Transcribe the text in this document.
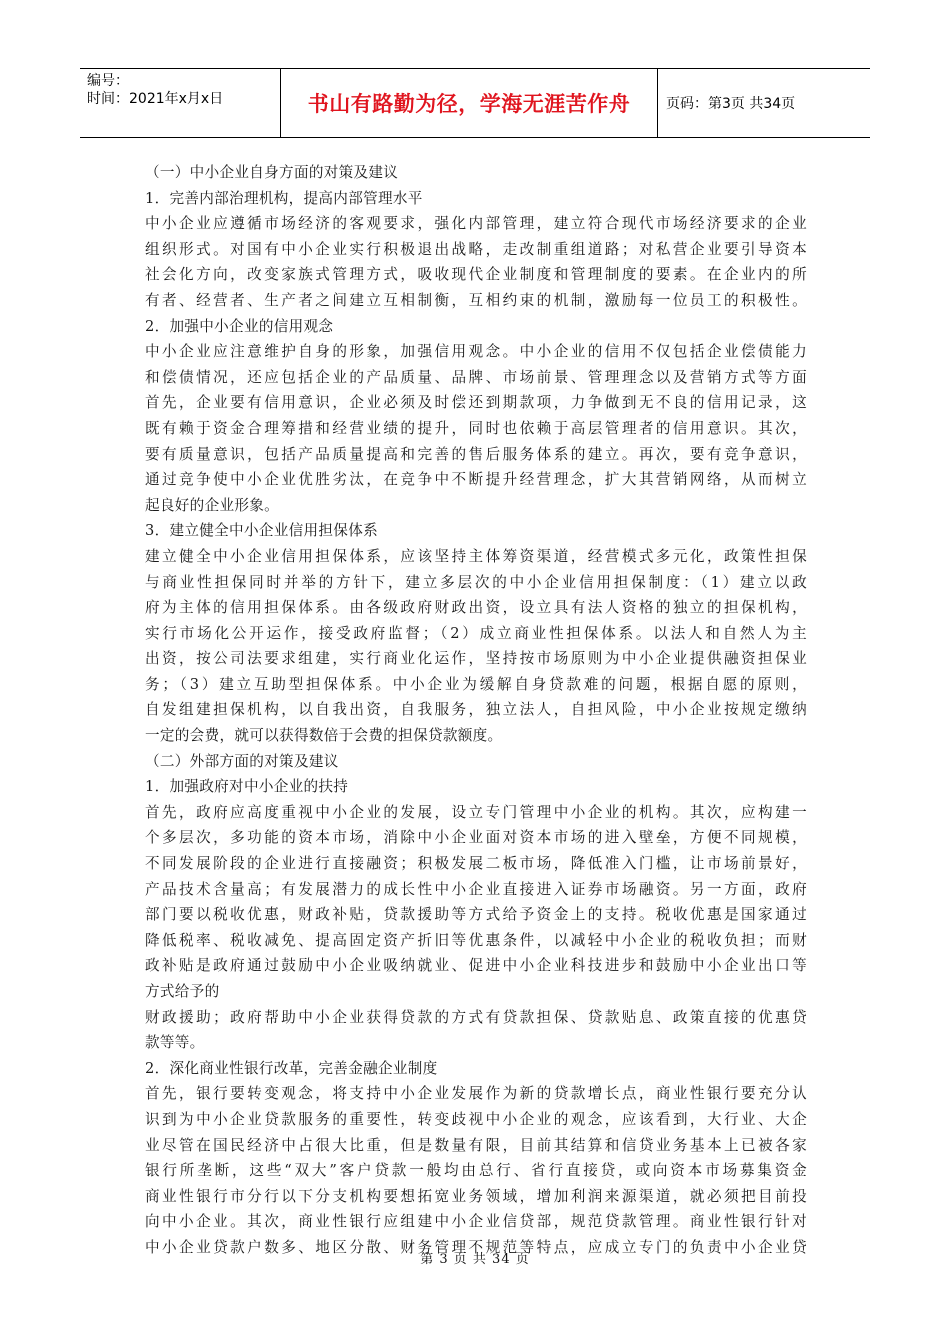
编号：
时间：2021年x月x日	书山有路勤为径，学海无涯苦作舟	页码：第3页 共34页
（一）中小企业自身方面的对策及建议
1．完善内部治理机构，提高内部管理水平
中小企业应遵循市场经济的客观要求，强化内部管理，建立符合现代市场经济要求的企业
组织形式。对国有中小企业实行积极退出战略，走改制重组道路；对私营企业要引导资本
社会化方向，改变家族式管理方式，吸收现代企业制度和管理制度的要素。在企业内的所
有者、经营者、生产者之间建立互相制衡，互相约束的机制，激励每一位员工的积极性。
2．加强中小企业的信用观念
中小企业应注意维护自身的形象，加强信用观念。中小企业的信用不仅包括企业偿债能力
和偿债情况，还应包括企业的产品质量、品牌、市场前景、管理理念以及营销方式等方面
首先，企业要有信用意识，企业必须及时偿还到期款项，力争做到无不良的信用记录，这
既有赖于资金合理筹措和经营业绩的提升，同时也依赖于高层管理者的信用意识。其次，
要有质量意识，包括产品质量提高和完善的售后服务体系的建立。再次，要有竞争意识，
通过竞争使中小企业优胜劣汰，在竞争中不断提升经营理念，扩大其营销网络，从而树立
起良好的企业形象。
3．建立健全中小企业信用担保体系
建立健全中小企业信用担保体系，应该坚持主体筹资渠道，经营模式多元化，政策性担保
与商业性担保同时并举的方针下，建立多层次的中小企业信用担保制度：（1）建立以政
府为主体的信用担保体系。由各级政府财政出资，设立具有法人资格的独立的担保机构，
实行市场化公开运作，接受政府监督；（2）成立商业性担保体系。以法人和自然人为主
出资，按公司法要求组建，实行商业化运作，坚持按市场原则为中小企业提供融资担保业
务；（3）建立互助型担保体系。中小企业为缓解自身贷款难的问题，根据自愿的原则，
自发组建担保机构，以自我出资，自我服务，独立法人，自担风险，中小企业按规定缴纳
一定的会费，就可以获得数倍于会费的担保贷款额度。
（二）外部方面的对策及建议
1．加强政府对中小企业的扶持
首先，政府应高度重视中小企业的发展，设立专门管理中小企业的机构。其次，应构建一
个多层次，多功能的资本市场，消除中小企业面对资本市场的进入壁垒，方便不同规模，
不同发展阶段的企业进行直接融资；积极发展二板市场，降低准入门槛，让市场前景好，
产品技术含量高；有发展潜力的成长性中小企业直接进入证券市场融资。另一方面，政府
部门要以税收优惠，财政补贴，贷款援助等方式给予资金上的支持。税收优惠是国家通过
降低税率、税收减免、提高固定资产折旧等优惠条件，以减轻中小企业的税收负担；而财
政补贴是政府通过鼓励中小企业吸纳就业、促进中小企业科技进步和鼓励中小企业出口等
方式给予的
财政援助；政府帮助中小企业获得贷款的方式有贷款担保、贷款贴息、政策直接的优惠贷
款等等。
2．深化商业性银行改革，完善金融企业制度
首先，银行要转变观念，将支持中小企业发展作为新的贷款增长点，商业性银行要充分认
识到为中小企业贷款服务的重要性，转变歧视中小企业的观念，应该看到，大行业、大企
业尽管在国民经济中占很大比重，但是数量有限，目前其结算和信贷业务基本上已被各家
银行所垄断，这些“双大”客户贷款一般均由总行、省行直接贷，或向资本市场募集资金
商业性银行市分行以下分支机构要想拓宽业务领域，增加利润来源渠道，就必须把目前投
向中小企业。其次，商业性银行应组建中小企业信贷部，规范贷款管理。商业性银行针对
中小企业贷款户数多、地区分散、财务管理不规范等特点，应成立专门的负责中小企业贷
第 3 页 共 34 页
